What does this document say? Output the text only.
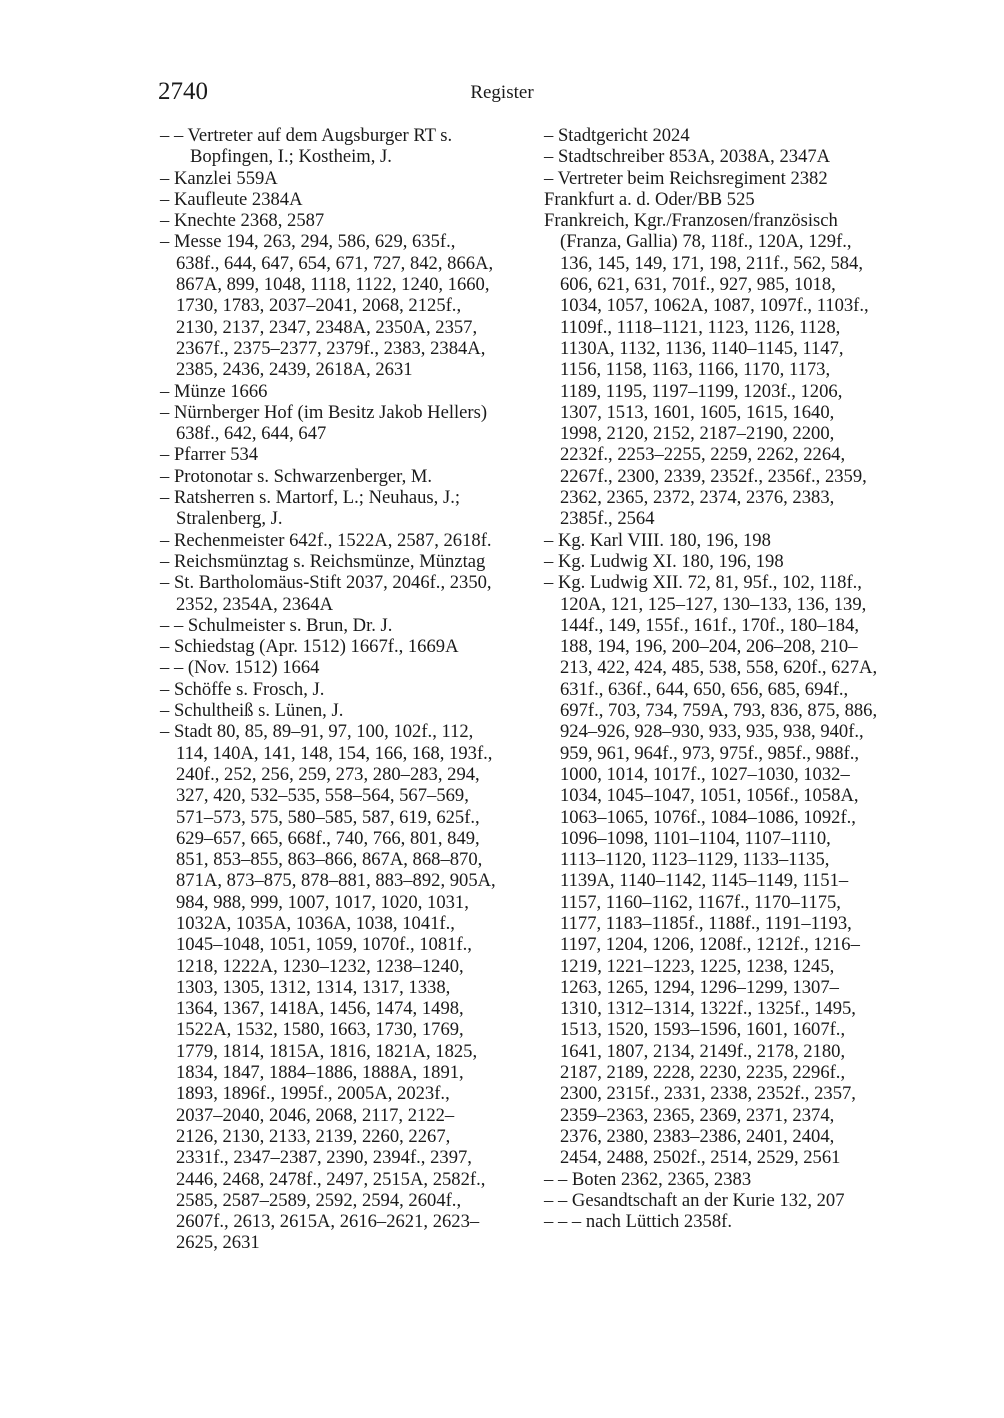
2740	Register
– – Vertreter auf dem Augsburger RT s.
Bopfingen, I.; Kostheim, J.
– Kanzlei 559A
– Kaufleute 2384A
– Knechte 2368, 2587
– Messe 194, 263, 294, 586, 629, 635f.,
638f., 644, 647, 654, 671, 727, 842, 866A,
867A, 899, 1048, 1118, 1122, 1240, 1660,
1730, 1783, 2037–2041, 2068, 2125f.,
2130, 2137, 2347, 2348A, 2350A, 2357,
2367f., 2375–2377, 2379f., 2383, 2384A,
2385, 2436, 2439, 2618A, 2631
– Münze 1666
– Nürnberger Hof (im Besitz Jakob Hellers)
638f., 642, 644, 647
– Pfarrer 534
– Protonotar s. Schwarzenberger, M.
– Ratsherren s. Martorf, L.; Neuhaus, J.;
Stralenberg, J.
– Rechenmeister 642f., 1522A, 2587, 2618f.
– Reichsmünztag s. Reichsmünze, Münztag
– St. Bartholomäus-Stift 2037, 2046f., 2350,
2352, 2354A, 2364A
– – Schulmeister s. Brun, Dr. J.
– Schiedstag (Apr. 1512) 1667f., 1669A
– – (Nov. 1512) 1664
– Schöffe s. Frosch, J.
– Schultheiß s. Lünen, J.
– Stadt 80, 85, 89–91, 97, 100, 102f., 112,
114, 140A, 141, 148, 154, 166, 168, 193f.,
240f., 252, 256, 259, 273, 280–283, 294,
327, 420, 532–535, 558–564, 567–569,
571–573, 575, 580–585, 587, 619, 625f.,
629–657, 665, 668f., 740, 766, 801, 849,
851, 853–855, 863–866, 867A, 868–870,
871A, 873–875, 878–881, 883–892, 905A,
984, 988, 999, 1007, 1017, 1020, 1031,
1032A, 1035A, 1036A, 1038, 1041f.,
1045–1048, 1051, 1059, 1070f., 1081f.,
1218, 1222A, 1230–1232, 1238–1240,
1303, 1305, 1312, 1314, 1317, 1338,
1364, 1367, 1418A, 1456, 1474, 1498,
1522A, 1532, 1580, 1663, 1730, 1769,
1779, 1814, 1815A, 1816, 1821A, 1825,
1834, 1847, 1884–1886, 1888A, 1891,
1893, 1896f., 1995f., 2005A, 2023f.,
2037–2040, 2046, 2068, 2117, 2122–
2126, 2130, 2133, 2139, 2260, 2267,
2331f., 2347–2387, 2390, 2394f., 2397,
2446, 2468, 2478f., 2497, 2515A, 2582f.,
2585, 2587–2589, 2592, 2594, 2604f.,
2607f., 2613, 2615A, 2616–2621, 2623–
2625, 2631
– Stadtgericht 2024
– Stadtschreiber 853A, 2038A, 2347A
– Vertreter beim Reichsregiment 2382
Frankfurt a. d. Oder/BB 525
Frankreich, Kgr./Franzosen/französisch
(Franza, Gallia) 78, 118f., 120A, 129f.,
136, 145, 149, 171, 198, 211f., 562, 584,
606, 621, 631, 701f., 927, 985, 1018,
1034, 1057, 1062A, 1087, 1097f., 1103f.,
1109f., 1118–1121, 1123, 1126, 1128,
1130A, 1132, 1136, 1140–1145, 1147,
1156, 1158, 1163, 1166, 1170, 1173,
1189, 1195, 1197–1199, 1203f., 1206,
1307, 1513, 1601, 1605, 1615, 1640,
1998, 2120, 2152, 2187–2190, 2200,
2232f., 2253–2255, 2259, 2262, 2264,
2267f., 2300, 2339, 2352f., 2356f., 2359,
2362, 2365, 2372, 2374, 2376, 2383,
2385f., 2564
– Kg. Karl VIII. 180, 196, 198
– Kg. Ludwig XI. 180, 196, 198
– Kg. Ludwig XII. 72, 81, 95f., 102, 118f.,
120A, 121, 125–127, 130–133, 136, 139,
144f., 149, 155f., 161f., 170f., 180–184,
188, 194, 196, 200–204, 206–208, 210–
213, 422, 424, 485, 538, 558, 620f., 627A,
631f., 636f., 644, 650, 656, 685, 694f.,
697f., 703, 734, 759A, 793, 836, 875, 886,
924–926, 928–930, 933, 935, 938, 940f.,
959, 961, 964f., 973, 975f., 985f., 988f.,
1000, 1014, 1017f., 1027–1030, 1032–
1034, 1045–1047, 1051, 1056f., 1058A,
1063–1065, 1076f., 1084–1086, 1092f.,
1096–1098, 1101–1104, 1107–1110,
1113–1120, 1123–1129, 1133–1135,
1139A, 1140–1142, 1145–1149, 1151–
1157, 1160–1162, 1167f., 1170–1175,
1177, 1183–1185f., 1188f., 1191–1193,
1197, 1204, 1206, 1208f., 1212f., 1216–
1219, 1221–1223, 1225, 1238, 1245,
1263, 1265, 1294, 1296–1299, 1307–
1310, 1312–1314, 1322f., 1325f., 1495,
1513, 1520, 1593–1596, 1601, 1607f.,
1641, 1807, 2134, 2149f., 2178, 2180,
2187, 2189, 2228, 2230, 2235, 2296f.,
2300, 2315f., 2331, 2338, 2352f., 2357,
2359–2363, 2365, 2369, 2371, 2374,
2376, 2380, 2383–2386, 2401, 2404,
2454, 2488, 2502f., 2514, 2529, 2561
– – Boten 2362, 2365, 2383
– – Gesandtschaft an der Kurie 132, 207
– – – nach Lüttich 2358f.
